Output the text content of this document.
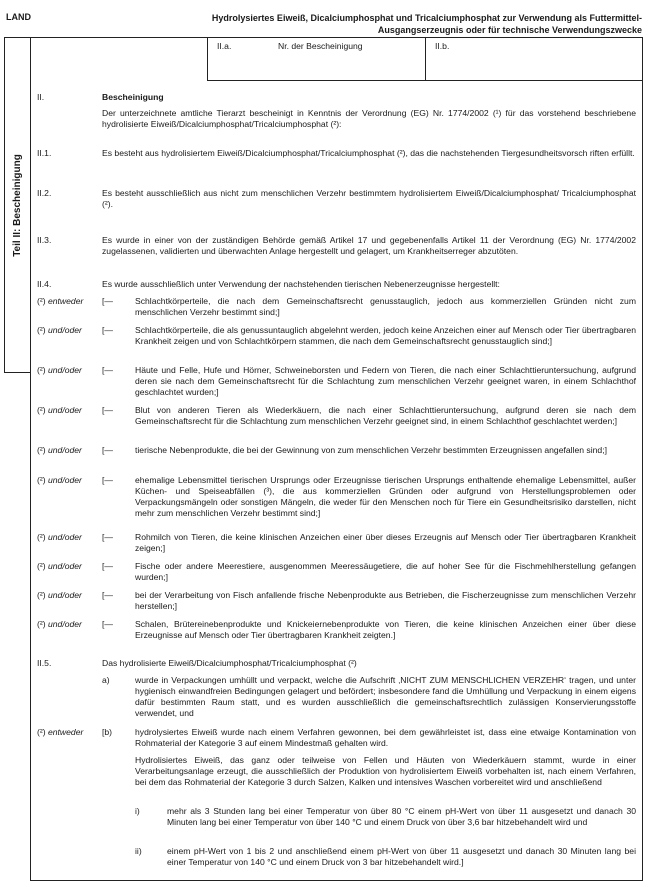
LAND	Hydrolysiertes Eiweiß, Dicalciumphosphat und Tricalciumphosphat zur Verwendung als Futtermittel-Ausgangserzeugnis oder für technische Verwendungszwecke
Teil II: Bescheinigung
II.a.	Nr. der Bescheinigung	II.b.
II.	Bescheinigung
Der unterzeichnete amtliche Tierarzt bescheinigt in Kenntnis der Verordnung (EG) Nr. 1774/2002 (¹) für das vorstehend beschriebene hydrolisierte Eiweiß/Dicalciumphosphat/Tricalciumphosphat (²):
II.1.	Es besteht aus hydrolisiertem Eiweiß/Dicalciumphosphat/Tricalciumphosphat (²), das die nachstehenden Tiergesundheitsvorsch riften erfüllt.
II.2.	Es besteht ausschließlich aus nicht zum menschlichen Verzehr bestimmtem hydrolisiertem Eiweiß/Dicalciumphosphat/ Tricalciumphosphat (²).
II.3.	Es wurde in einer von der zuständigen Behörde gemäß Artikel 17 und gegebenenfalls Artikel 11 der Verordnung (EG) Nr. 1774/2002 zugelassenen, validierten und überwachten Anlage hergestellt und gelagert, um Krankheitserreger abzutöten.
II.4.	Es wurde ausschließlich unter Verwendung der nachstehenden tierischen Nebenerzeugnisse hergestellt:
(²) entweder [—	Schlachtkörperteile, die nach dem Gemeinschaftsrecht genusstauglich, jedoch aus kommerziellen Gründen nicht zum menschlichen Verzehr bestimmt sind;]
(²) und/oder [—	Schlachtkörperteile, die als genussuntauglich abgelehnt werden, jedoch keine Anzeichen einer auf Mensch oder Tier übertragbaren Krankheit zeigen und von Schlachtkörpern stammen, die nach dem Gemeinschaftsrecht genusstauglich sind;]
(²) und/oder [—	Häute und Felle, Hufe und Hörner, Schweineborsten und Federn von Tieren, die nach einer Schlachttieruntersuchung, aufgrund deren sie nach dem Gemeinschaftsrecht für die Schlachtung zum menschlichen Verzehr geeignet waren, in einem Schlachthof geschlachtet wurden;]
(²) und/oder [—	Blut von anderen Tieren als Wiederkäuern, die nach einer Schlachttieruntersuchung, aufgrund deren sie nach dem Gemeinschaftsrecht für die Schlachtung zum menschlichen Verzehr geeignet sind, in einem Schlachthof geschlachtet werden;]
(²) und/oder [—	tierische Nebenprodukte, die bei der Gewinnung von zum menschlichen Verzehr bestimmten Erzeugnissen angefallen sind;]
(²) und/oder [—	ehemalige Lebensmittel tierischen Ursprungs oder Erzeugnisse tierischen Ursprungs enthaltende ehemalige Lebensmittel, außer Küchen- und Speiseabfällen (³), die aus kommerziellen Gründen oder aufgrund von Herstellungsproblemen oder Verpackungsmängeln oder sonstigen Mängeln, die weder für den Menschen noch für Tiere ein Gesundheitsrisiko darstellen, nicht mehr zum menschlichen Verzehr bestimmt sind;]
(²) und/oder [—	Rohmilch von Tieren, die keine klinischen Anzeichen einer über dieses Erzeugnis auf Mensch oder Tier übertragbaren Krankheit zeigen;]
(²) und/oder [—	Fische oder andere Meerestiere, ausgenommen Meeressäugetiere, die auf hoher See für die Fischmehlherstellung gefangen wurden;]
(²) und/oder [—	bei der Verarbeitung von Fisch anfallende frische Nebenprodukte aus Betrieben, die Fischerzeugnisse zum menschlichen Verzehr herstellen;]
(²) und/oder [—	Schalen, Brütereinebenprodukte und Knickeiernebenprodukte von Tieren, die keine klinischen Anzeichen einer über diese Erzeugnisse auf Mensch oder Tier übertragbaren Krankheit zeigten.]
II.5.	Das hydrolisierte Eiweiß/Dicalciumphosphat/Tricalciumphosphat (²)
a)	wurde in Verpackungen umhüllt und verpackt, welche die Aufschrift ‚NICHT ZUM MENSCHLICHEN VERZEHR‘ tragen, und unter hygienisch einwandfreien Bedingungen gelagert und befördert; insbesondere fand die Umhüllung und Verpackung in einem eigens dafür bestimmten Raum statt, und es wurden ausschließlich die gemeinschaftsrechtlich zulässigen Konservierungsstoffe verwendet, und
(²) entweder [b)	hydrolysiertes Eiweiß wurde nach einem Verfahren gewonnen, bei dem gewährleistet ist, dass eine etwaige Kontamination von Rohmaterial der Kategorie 3 auf einem Mindestmaß gehalten wird.
Hydrolisiertes Eiweiß, das ganz oder teilweise von Fellen und Häuten von Wiederkäuern stammt, wurde in einer Verarbeitungsanlage erzeugt, die ausschließlich der Produktion von hydrolisiertem Eiweiß vorbehalten ist, nach einem Verfahren, bei dem das Rohmaterial der Kategorie 3 durch Salzen, Kalken und intensives Waschen vorbereitet wird und anschließend
i)	mehr als 3 Stunden lang bei einer Temperatur von über 80 °C einem pH-Wert von über 11 ausgesetzt und danach 30 Minuten lang bei einer Temperatur von über 140 °C und einem Druck von über 3,6 bar hitzebehandelt wird und
ii)	einem pH-Wert von 1 bis 2 und anschließend einem pH-Wert von über 11 ausgesetzt und danach 30 Minuten lang bei einer Temperatur von 140 °C und einem Druck von 3 bar hitzebehandelt wird.]
